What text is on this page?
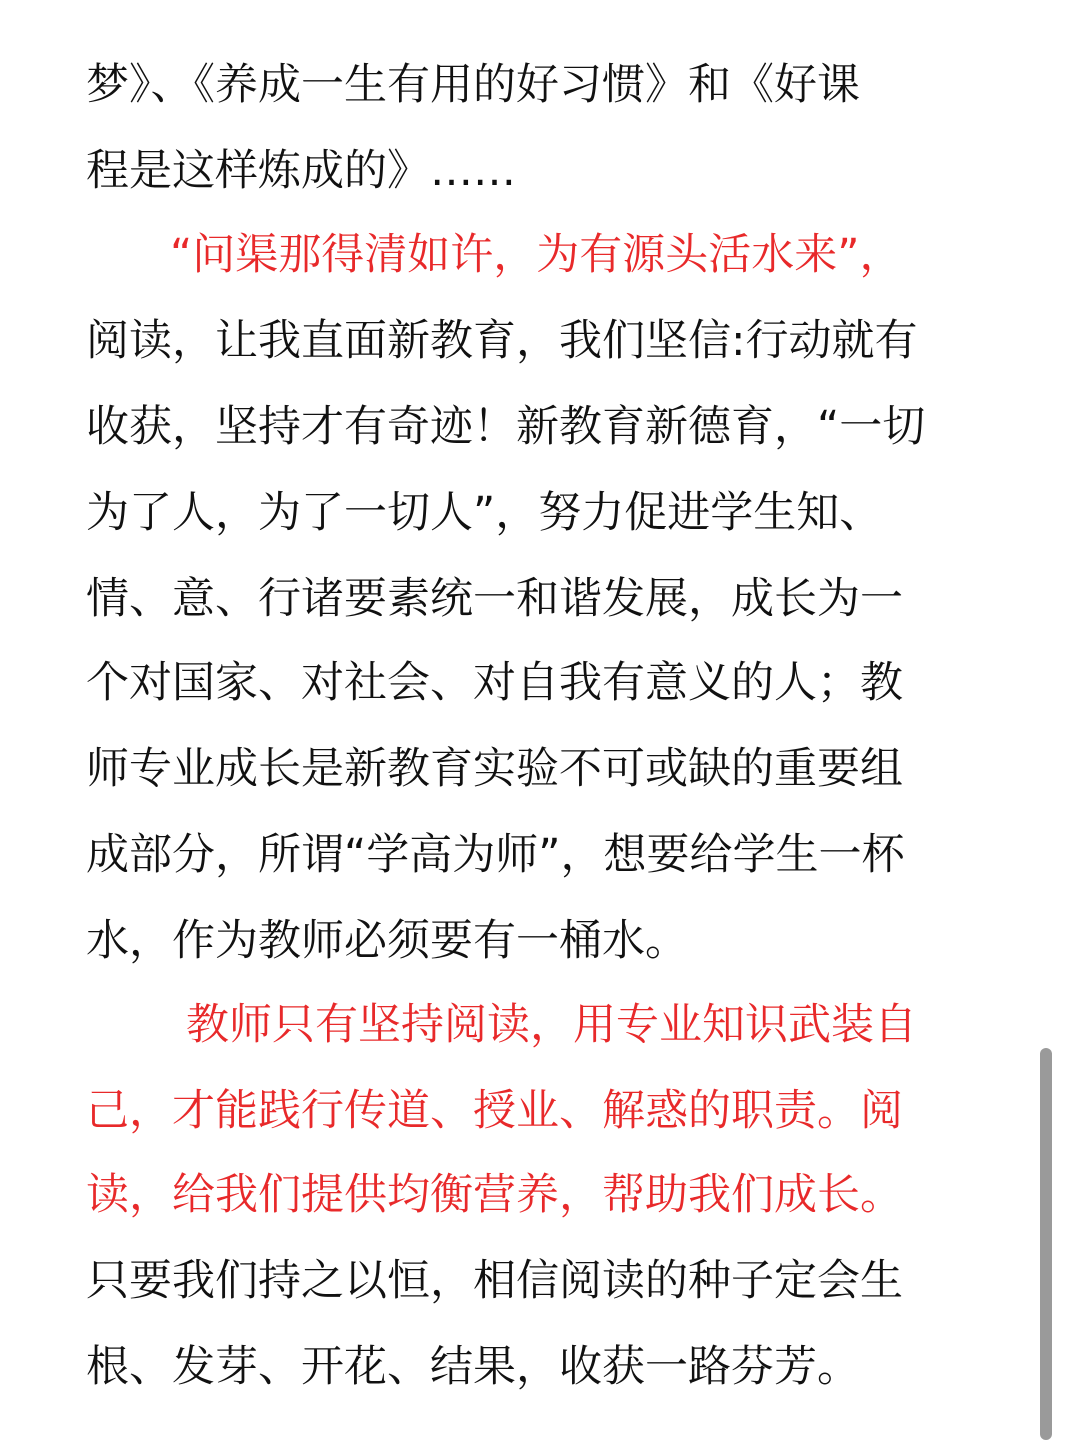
梦》、《养成一生有用的好习惯》和《好课
程是这样炼成的》……
“问渠那得清如许，为有源头活水来”，
阅读，让我直面新教育，我们坚信:行动就有
收获，坚持才有奇迹！新教育新德育，“一切
为了人，为了一切人”，努力促进学生知、
情、意、行诸要素统一和谐发展，成长为一
个对国家、对社会、对自我有意义的人；教
师专业成长是新教育实验不可或缺的重要组
成部分，所谓“学高为师”，想要给学生一杯
水，作为教师必须要有一桶水。
教师只有坚持阅读，用专业知识武装自
己，才能践行传道、授业、解惑的职责。阅
读，给我们提供均衡营养，帮助我们成长。
只要我们持之以恒，相信阅读的种子定会生
根、发芽、开花、结果，收获一路芬芳。
